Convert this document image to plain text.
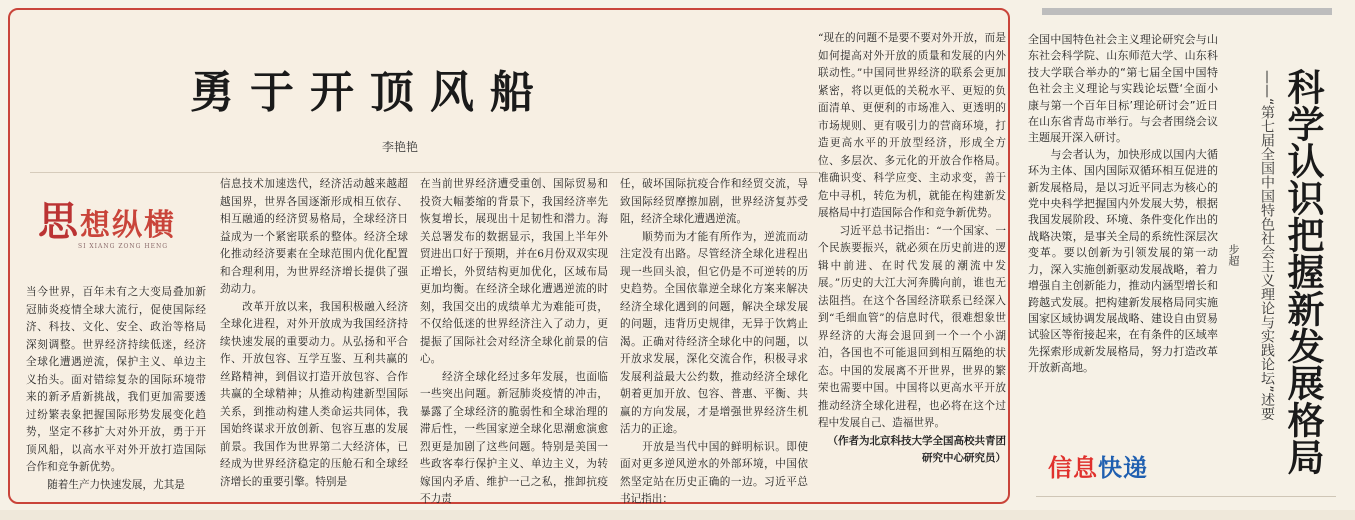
勇于开顶风船
李艳艳
思想纵横
SI XIANG ZONG HENG
当今世界，百年未有之大变局叠加新冠肺炎疫情全球大流行，促使国际经济、科技、文化、安全、政治等格局深刻调整。世界经济持续低迷，经济全球化遭遇逆流，保护主义、单边主义抬头。面对错综复杂的国际环境带来的新矛盾新挑战，我们更加需要透过纷繁表象把握国际形势发展变化趋势，坚定不移扩大对外开放，勇于开顶风船，以高水平对外开放打造国际合作和竞争新优势。
　　随着生产力快速发展，尤其是
信息技术加速迭代，经济活动越来越超越国界，世界各国逐渐形成相互依存、相互融通的经济贸易格局，全球经济日益成为一个紧密联系的整体。经济全球化推动经济要素在全球范围内优化配置和合理利用，为世界经济增长提供了强劲动力。
　　改革开放以来，我国积极融入经济全球化进程，对外开放成为我国经济持续快速发展的重要动力。从弘扬和平合作、开放包容、互学互鉴、互利共赢的丝路精神，到倡议打造开放包容、合作共赢的全球精神；从推动构建新型国际关系，到推动构建人类命运共同体，我国始终谋求开放创新、包容互惠的发展前景。我国作为世界第二大经济体，已经成为世界经济稳定的压舱石和全球经济增长的重要引擎。特别是
在当前世界经济遭受重创、国际贸易和投资大幅萎缩的背景下，我国经济率先恢复增长，展现出十足韧性和潜力。海关总署发布的数据显示，我国上半年外贸进出口好于预期，并在6月份双双实现正增长，外贸结构更加优化，区域布局更加均衡。在经济全球化遭遇逆流的时刻，我国交出的成绩单尤为难能可贵，不仅给低迷的世界经济注入了动力，更提振了国际社会对经济全球化前景的信心。
　　经济全球化经过多年发展，也面临一些突出问题。新冠肺炎疫情的冲击，暴露了全球经济的脆弱性和全球治理的滞后性，一些国家逆全球化思潮愈演愈烈更是加剧了这些问题。特别是美国一些政客奉行保护主义、单边主义，为转嫁国内矛盾、维护一己之私，推卸抗疫不力责
任，破坏国际抗疫合作和经贸交流，导致国际经贸摩擦加剧，世界经济复苏受阻，经济全球化遭遇逆流。
　　顺势而为才能有所作为，逆流而动注定没有出路。尽管经济全球化进程出现一些回头浪，但它仍是不可逆转的历史趋势。全国依靠逆全球化方案来解决经济全球化遇到的问题，解决全球发展的问题，违背历史规律，无异于饮鸩止渴。正确对待经济全球化中的问题，以开放求发展，深化交流合作，积极寻求发展利益最大公约数，推动经济全球化朝着更加开放、包容、普惠、平衡、共赢的方向发展，才是增强世界经济生机活力的正途。
　　开放是当代中国的鲜明标识。即使面对更多逆风逆水的外部环境，中国依然坚定站在历史正确的一边。习近平总书记指出：
“现在的问题不是要不要对外开放，而是如何提高对外开放的质量和发展的内外联动性。”中国同世界经济的联系会更加紧密，将以更低的关税水平、更短的负面清单、更便利的市场准入、更透明的市场规则、更有吸引力的营商环境，打造更高水平的开放型经济，形成全方位、多层次、多元化的开放合作格局。准确识变、科学应变、主动求变，善于危中寻机，转危为机，就能在构建新发展格局中打造国际合作和竞争新优势。
　　习近平总书记指出：“一个国家、一个民族要振兴，就必须在历史前进的逻辑中前进、在时代发展的潮流中发展。”历史的大江大河奔腾向前，谁也无法阻挡。在这个各国经济联系已经深入到“毛细血管”的信息时代，很难想象世界经济的大海会退回到一个一个小湖泊，各国也不可能退回到相互隔绝的状态。中国的发展离不开世界，世界的繁荣也需要中国。中国将以更高水平开放推动经济全球化进程，也必将在这个过程中发展自己、造福世界。
（作者为北京科技大学全国高校共青团研究中心研究员）
全国中国特色社会主义理论研究会与山东社会科学院、山东师范大学、山东科技大学联合举办的“第七届全国中国特色社会主义理论与实践论坛暨‘全面小康与第一个百年目标’理论研讨会”近日在山东省青岛市举行。与会者围绕会议主题展开深入研讨。
　　与会者认为，加快形成以国内大循环为主体、国内国际双循环相互促进的新发展格局，是以习近平同志为核心的党中央科学把握国内外发展大势，根据我国发展阶段、环境、条件变化作出的战略决策，是事关全局的系统性深层次变革。要以创新为引领发展的第一动力，深入实施创新驱动发展战略，着力增强自主创新能力，推动内涵型增长和跨越式发展。把构建新发展格局同实施国家区域协调发展战略、建设自由贸易试验区等衔接起来，在有条件的区域率先探索形成新发展格局，努力打造改革开放新高地。	科学认识把握新发展格局
——“第七届全国中国特色社会主义理论与实践论坛”述要
步超
信息快递
